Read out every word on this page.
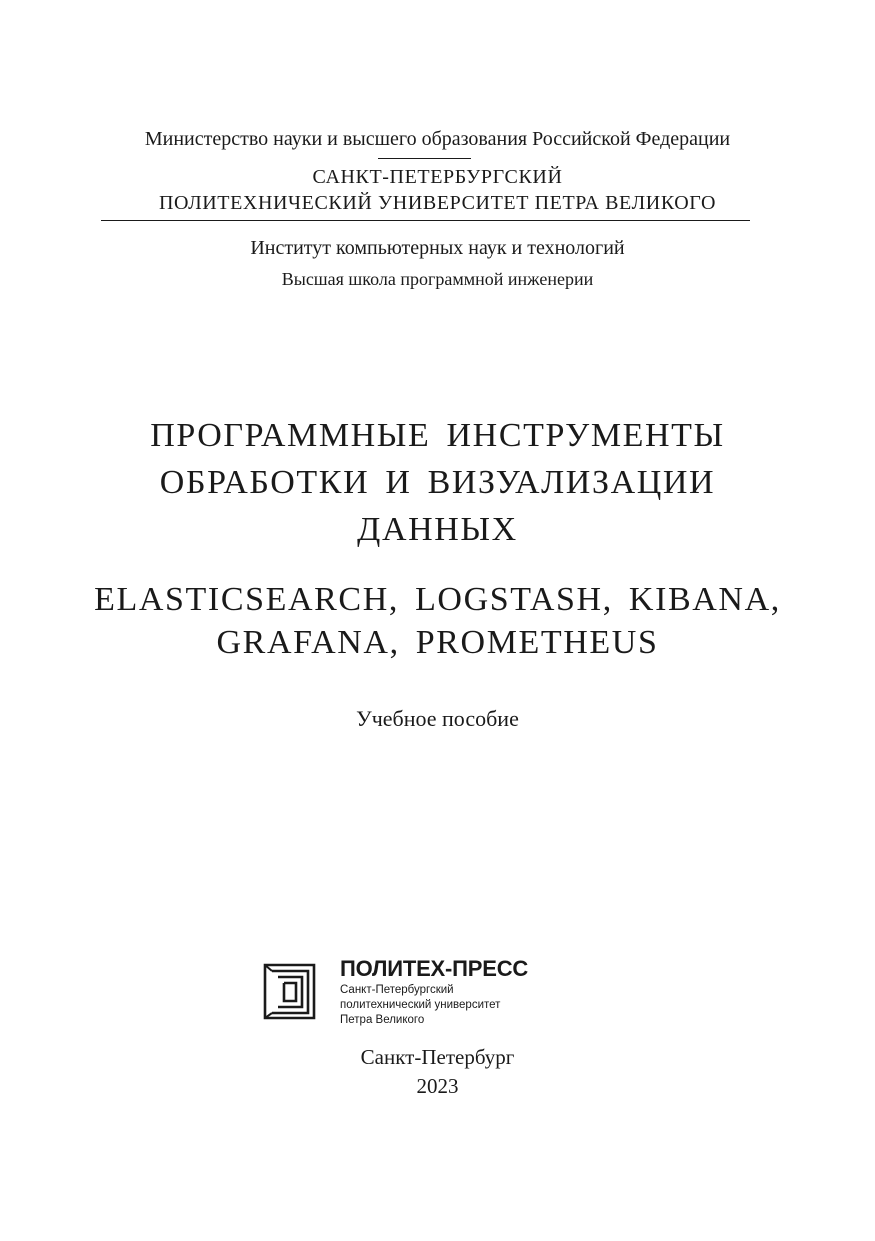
Министерство науки и высшего образования Российской Федерации
САНКТ-ПЕТЕРБУРГСКИЙ
ПОЛИТЕХНИЧЕСКИЙ УНИВЕРСИТЕТ ПЕТРА ВЕЛИКОГО
Институт компьютерных наук и технологий
Высшая школа программной инженерии
ПРОГРАММНЫЕ ИНСТРУМЕНТЫ
ОБРАБОТКИ И ВИЗУАЛИЗАЦИИ
ДАННЫХ
ELASTICSEARCH, LOGSTASH, KIBANA,
GRAFANA, PROMETHEUS
Учебное пособие
ПОЛИТЕХ-ПРЕСС
Санкт-Петербургский
политехнический университет
Петра Великого
Санкт-Петербург
2023
